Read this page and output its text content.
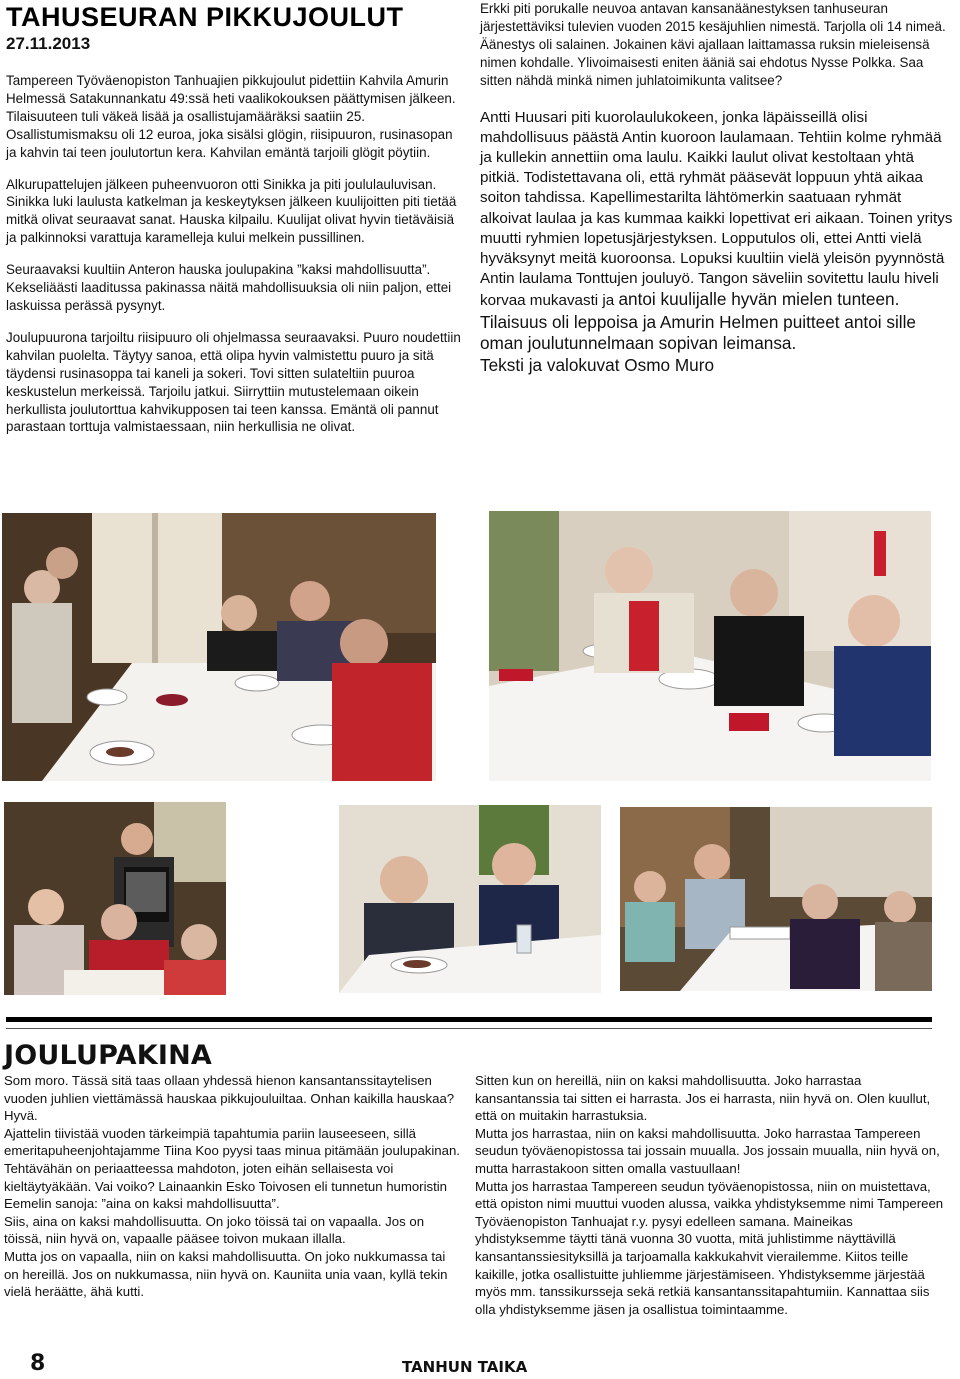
TAHUSEURAN PIKKUJOULUT
27.11.2013

Tampereen Työväenopiston Tanhuajien pikkujoulut pidettiin Kahvila Amurin Helmessä Satakunnankatu 49:ssä heti vaalikokouksen päättymisen jälkeen. Tilaisuuteen tuli väkeä lisää ja osallistujamääräksi saatiin 25. Osallistumismaksu oli 12 euroa, joka sisälsi glögin, riisipuuron, rusinasopan ja kahvin tai teen joulutortun kera. Kahvilan emäntä tarjoili glögit pöytiin.

Alkurupattelujen jälkeen puheenvuoron otti Sinikka ja piti joululauluvisan. Sinikka luki laulusta katkelman ja keskeytyksen jälkeen kuulijoitten piti tietää mitkä olivat seuraavat sanat. Hauska kilpailu. Kuulijat olivat hyvin tietäväisiä ja palkinnoksi varattuja karamelleja kului melkein pussillinen.

Seuraavaksi kuultiin Anteron hauska joulupakina ”kaksi mahdollisuutta”. Kekseliäästi laaditussa pakinassa näitä mahdollisuuksia oli niin paljon, ettei laskuissa perässä pysynyt.

Joulupuurona tarjoiltu riisipuuro oli ohjelmassa seuraavaksi. Puuro noudettiin kahvilan puolelta. Täytyy sanoa, että olipa hyvin valmistettu puuro ja sitä täydensi rusinasoppa tai kaneli ja sokeri. Tovi sitten sulateltiin puuroa keskustelun merkeissä. Tarjoilu jatkui. Siirryttiin mutustelemaan oikein herkullista joulutorttua kahvikupposen tai teen kanssa. Emäntä oli pannut parastaan torttuja valmistaessaan, niin herkullisia ne olivat.

Erkki piti porukalle neuvoa antavan kansanäänestyksen tanhuseuran järjestettäviksi tulevien vuoden 2015 kesäjuhlien nimestä. Tarjolla oli 14 nimeä. Äänestys oli salainen. Jokainen kävi ajallaan laittamassa ruksin mieleisensä nimen kohdalle. Ylivoimaisesti eniten ääniä sai ehdotus Nysse Polkka. Saa sitten nähdä minkä nimen juhlatoimikunta valitsee?

Antti Huusari piti kuorolaulukokeen, jonka läpäisseillä olisi mahdollisuus päästä Antin kuoroon laulamaan. Tehtiin kolme ryhmää ja kullekin annettiin oma laulu. Kaikki laulut olivat kestoltaan yhtä pitkiä. Todistettavana oli, että ryhmät pääsevät loppuun yhtä aikaa soiton tahdissa. Kapellimestarilta lähtömerkin saatuaan ryhmät alkoivat laulaa ja kas kummaa kaikki lopettivat eri aikaan. Toinen yritys muutti ryhmien lopetusjärjestyksen. Lopputulos oli, ettei Antti vielä hyväksynyt meitä kuoroonsa. Lopuksi kuultiin vielä yleisön pyynnöstä Antin laulama Tonttujen jouluyö. Tangon säveliin sovitettu laulu hiveli korvaa mukavasti ja antoi kuulijalle hyvän mielen tunteen.

Tilaisuus oli leppoisa ja Amurin Helmen puitteet antoi sille oman joulutunnelmaan sopivan leimansa.

Teksti ja valokuvat Osmo Muro

JOULUPAKINA

Som moro. Tässä sitä taas ollaan yhdessä hienon kansantanssitaytelisen vuoden juhlien viettämässä hauskaa pikkujouluiltaa. Onhan kaikilla hauskaa? Hyvä.

Ajattelin tiivistää vuoden tärkeimpiä tapahtumia pariin lauseeseen, sillä emeritapuheenjohtajamme Tiina Koo pyysi taas minua pitämään joulupakinan. Tehtävähän on periaatteessa mahdoton, joten eihän sellaisesta voi kieltäytyäkään. Vai voiko? Lainaankin Esko Toivosen eli tunnetun humoristin Eemelin sanoja: ”aina on kaksi mahdollisuutta”.

Siis, aina on kaksi mahdollisuutta. On joko töissä tai on vapaalla. Jos on töissä, niin hyvä on, vapaalle pääsee toivon mukaan illalla.

Mutta jos on vapaalla, niin on kaksi mahdollisuutta. On joko nukkumassa tai on hereillä. Jos on nukkumassa, niin hyvä on. Kauniita unia vaan, kyllä tekin vielä heräätte, ähä kutti.

Sitten kun on hereillä, niin on kaksi mahdollisuutta. Joko harrastaa kansantanssia tai sitten ei harrasta. Jos ei harrasta, niin hyvä on. Olen kuullut, että on muitakin harrastuksia.

Mutta jos harrastaa, niin on kaksi mahdollisuutta. Joko harrastaa Tampereen seudun työväenopistossa tai jossain muualla. Jos jossain muualla, niin hyvä on, mutta harrastakoon sitten omalla vastuullaan!

Mutta jos harrastaa Tampereen seudun työväenopistossa, niin on muistettava, että opiston nimi muuttui vuoden alussa, vaikka yhdistyksemme nimi Tampereen Työväenopiston Tanhuajat r.y. pysyi edelleen samana. Maineikas yhdistyksemme täytti tänä vuonna 30 vuotta, mitä juhlistimme näyttävillä kansantanssiesityksillä ja tarjoamalla kakkukahvit vierailemme. Kiitos teille kaikille, jotka osallistuitte juhliemme järjestämiseen. Yhdistyksemme järjestää myös mm. tanssikursseja sekä retkiä kansantanssitapahtumiin. Kannattaa siis olla yhdistyksemme jäsen ja osallistua toimintaamme.

8	TANHUN TAIKA
